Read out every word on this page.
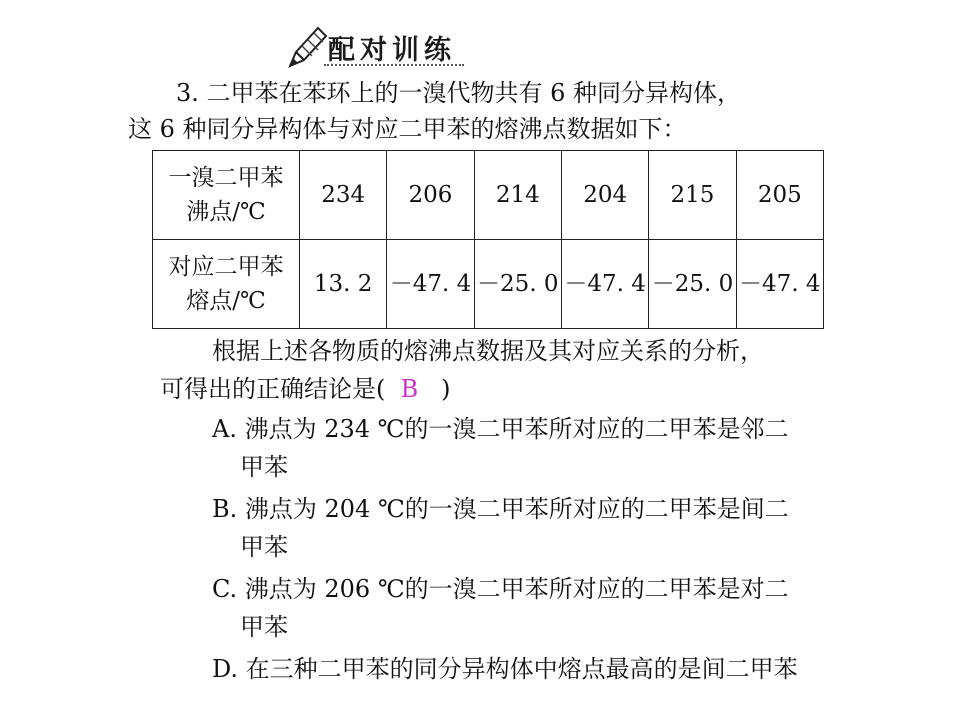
配对训练
3. 二甲苯在苯环上的一溴代物共有 6 种同分异构体，
这 6 种同分异构体与对应二甲苯的熔沸点数据如下：
一溴二甲苯
沸点/℃	234	206	214	204	215	205

对应二甲苯
熔点/℃	13. 2	－47. 4	－25. 0	－47. 4	－25. 0	－47. 4
根据上述各物质的熔沸点数据及其对应关系的分析，
可得出的正确结论是( B )
A. 沸点为 234 ℃的一溴二甲苯所对应的二甲苯是邻二
甲苯
B. 沸点为 204 ℃的一溴二甲苯所对应的二甲苯是间二
甲苯
C. 沸点为 206 ℃的一溴二甲苯所对应的二甲苯是对二
甲苯
D. 在三种二甲苯的同分异构体中熔点最高的是间二甲苯
